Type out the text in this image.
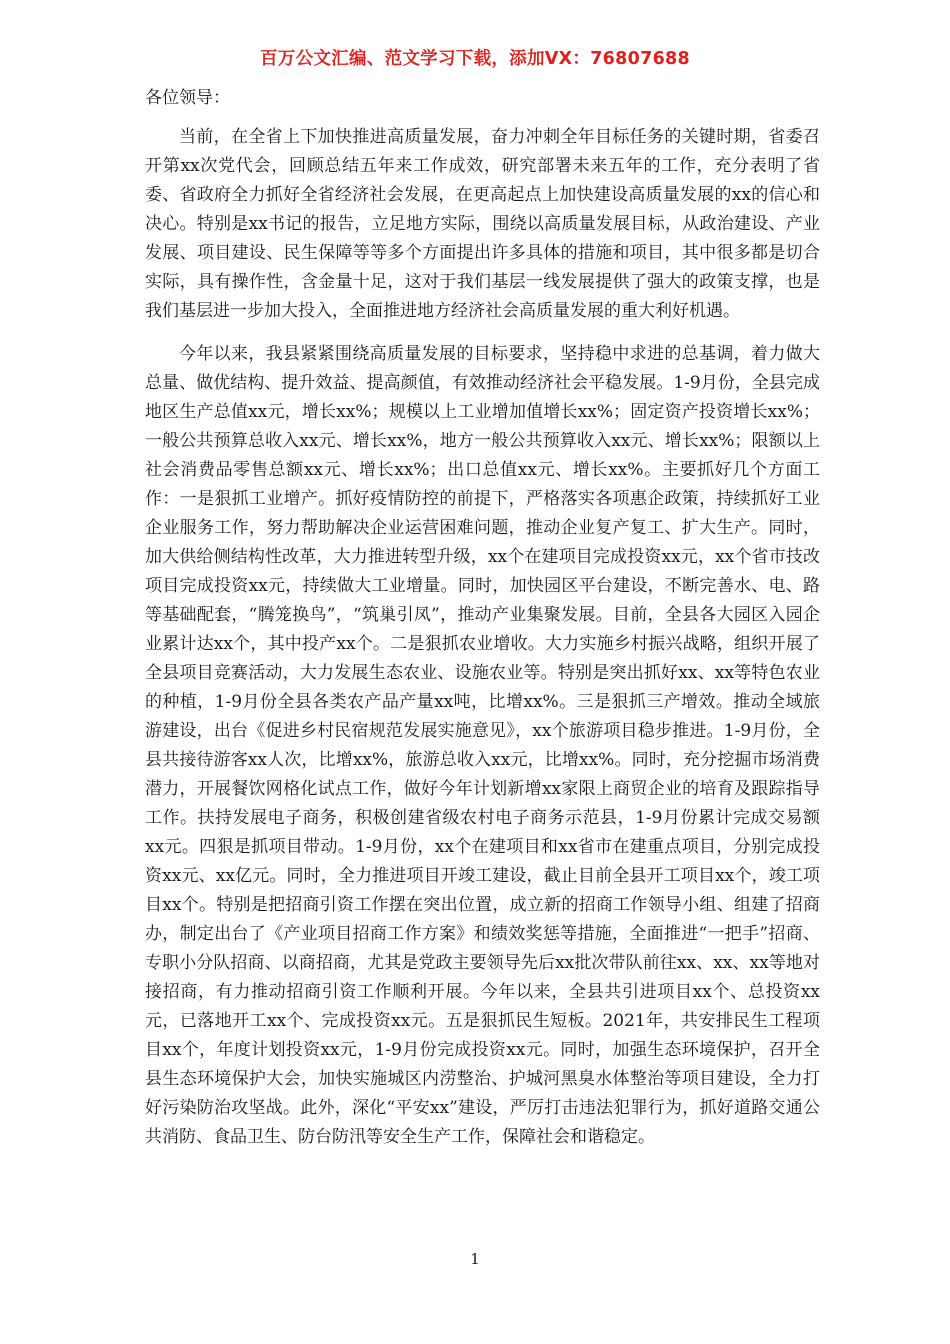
百万公文汇编、范文学习下载，添加VX：76807688

各位领导：

当前，在全省上下加快推进高质量发展，奋力冲刺全年目标任务的关键时期，省委召开第xx次党代会，回顾总结五年来工作成效，研究部署未来五年的工作，充分表明了省委、省政府全力抓好全省经济社会发展，在更高起点上加快建设高质量发展的xx的信心和决心。特别是xx书记的报告，立足地方实际，围绕以高质量发展目标，从政治建设、产业发展、项目建设、民生保障等等多个方面提出许多具体的措施和项目，其中很多都是切合实际，具有操作性，含金量十足，这对于我们基层一线发展提供了强大的政策支撑，也是我们基层进一步加大投入，全面推进地方经济社会高质量发展的重大利好机遇。

今年以来，我县紧紧围绕高质量发展的目标要求，坚持稳中求进的总基调，着力做大总量、做优结构、提升效益、提高颜值，有效推动经济社会平稳发展。1-9月份，全县完成地区生产总值xx元，增长xx%；规模以上工业增加值增长xx%；固定资产投资增长xx%；一般公共预算总收入xx元、增长xx%，地方一般公共预算收入xx元、增长xx%；限额以上社会消费品零售总额xx元、增长xx%；出口总值xx元、增长xx%。主要抓好几个方面工作：一是狠抓工业增产。抓好疫情防控的前提下，严格落实各项惠企政策，持续抓好工业企业服务工作，努力帮助解决企业运营困难问题，推动企业复产复工、扩大生产。同时，加大供给侧结构性改革，大力推进转型升级，xx个在建项目完成投资xx元，xx个省市技改项目完成投资xx元，持续做大工业增量。同时，加快园区平台建设，不断完善水、电、路等基础配套，“腾笼换鸟”，“筑巢引凤”，推动产业集聚发展。目前，全县各大园区入园企业累计达xx个，其中投产xx个。二是狠抓农业增收。大力实施乡村振兴战略，组织开展了全县项目竞赛活动，大力发展生态农业、设施农业等。特别是突出抓好xx、xx等特色农业的种植，1-9月份全县各类农产品产量xx吨，比增xx%。三是狠抓三产增效。推动全域旅游建设，出台《促进乡村民宿规范发展实施意见》，xx个旅游项目稳步推进。1-9月份，全县共接待游客xx人次，比增xx%，旅游总收入xx元，比增xx%。同时，充分挖掘市场消费潜力，开展餐饮网格化试点工作，做好今年计划新增xx家限上商贸企业的培育及跟踪指导工作。扶持发展电子商务，积极创建省级农村电子商务示范县，1-9月份累计完成交易额xx元。四狠是抓项目带动。1-9月份，xx个在建项目和xx省市在建重点项目，分别完成投资xx元、xx亿元。同时，全力推进项目开竣工建设，截止目前全县开工项目xx个，竣工项目xx个。特别是把招商引资工作摆在突出位置，成立新的招商工作领导小组、组建了招商办，制定出台了《产业项目招商工作方案》和绩效奖惩等措施，全面推进“一把手”招商、专职小分队招商、以商招商，尤其是党政主要领导先后xx批次带队前往xx、xx、xx等地对接招商，有力推动招商引资工作顺利开展。今年以来，全县共引进项目xx个、总投资xx元，已落地开工xx个、完成投资xx元。五是狠抓民生短板。2021年，共安排民生工程项目xx个，年度计划投资xx元，1-9月份完成投资xx元。同时，加强生态环境保护，召开全县生态环境保护大会，加快实施城区内涝整治、护城河黑臭水体整治等项目建设，全力打好污染防治攻坚战。此外，深化“平安xx”建设，严厉打击违法犯罪行为，抓好道路交通公共消防、食品卫生、防台防汛等安全生产工作，保障社会和谐稳定。

1
